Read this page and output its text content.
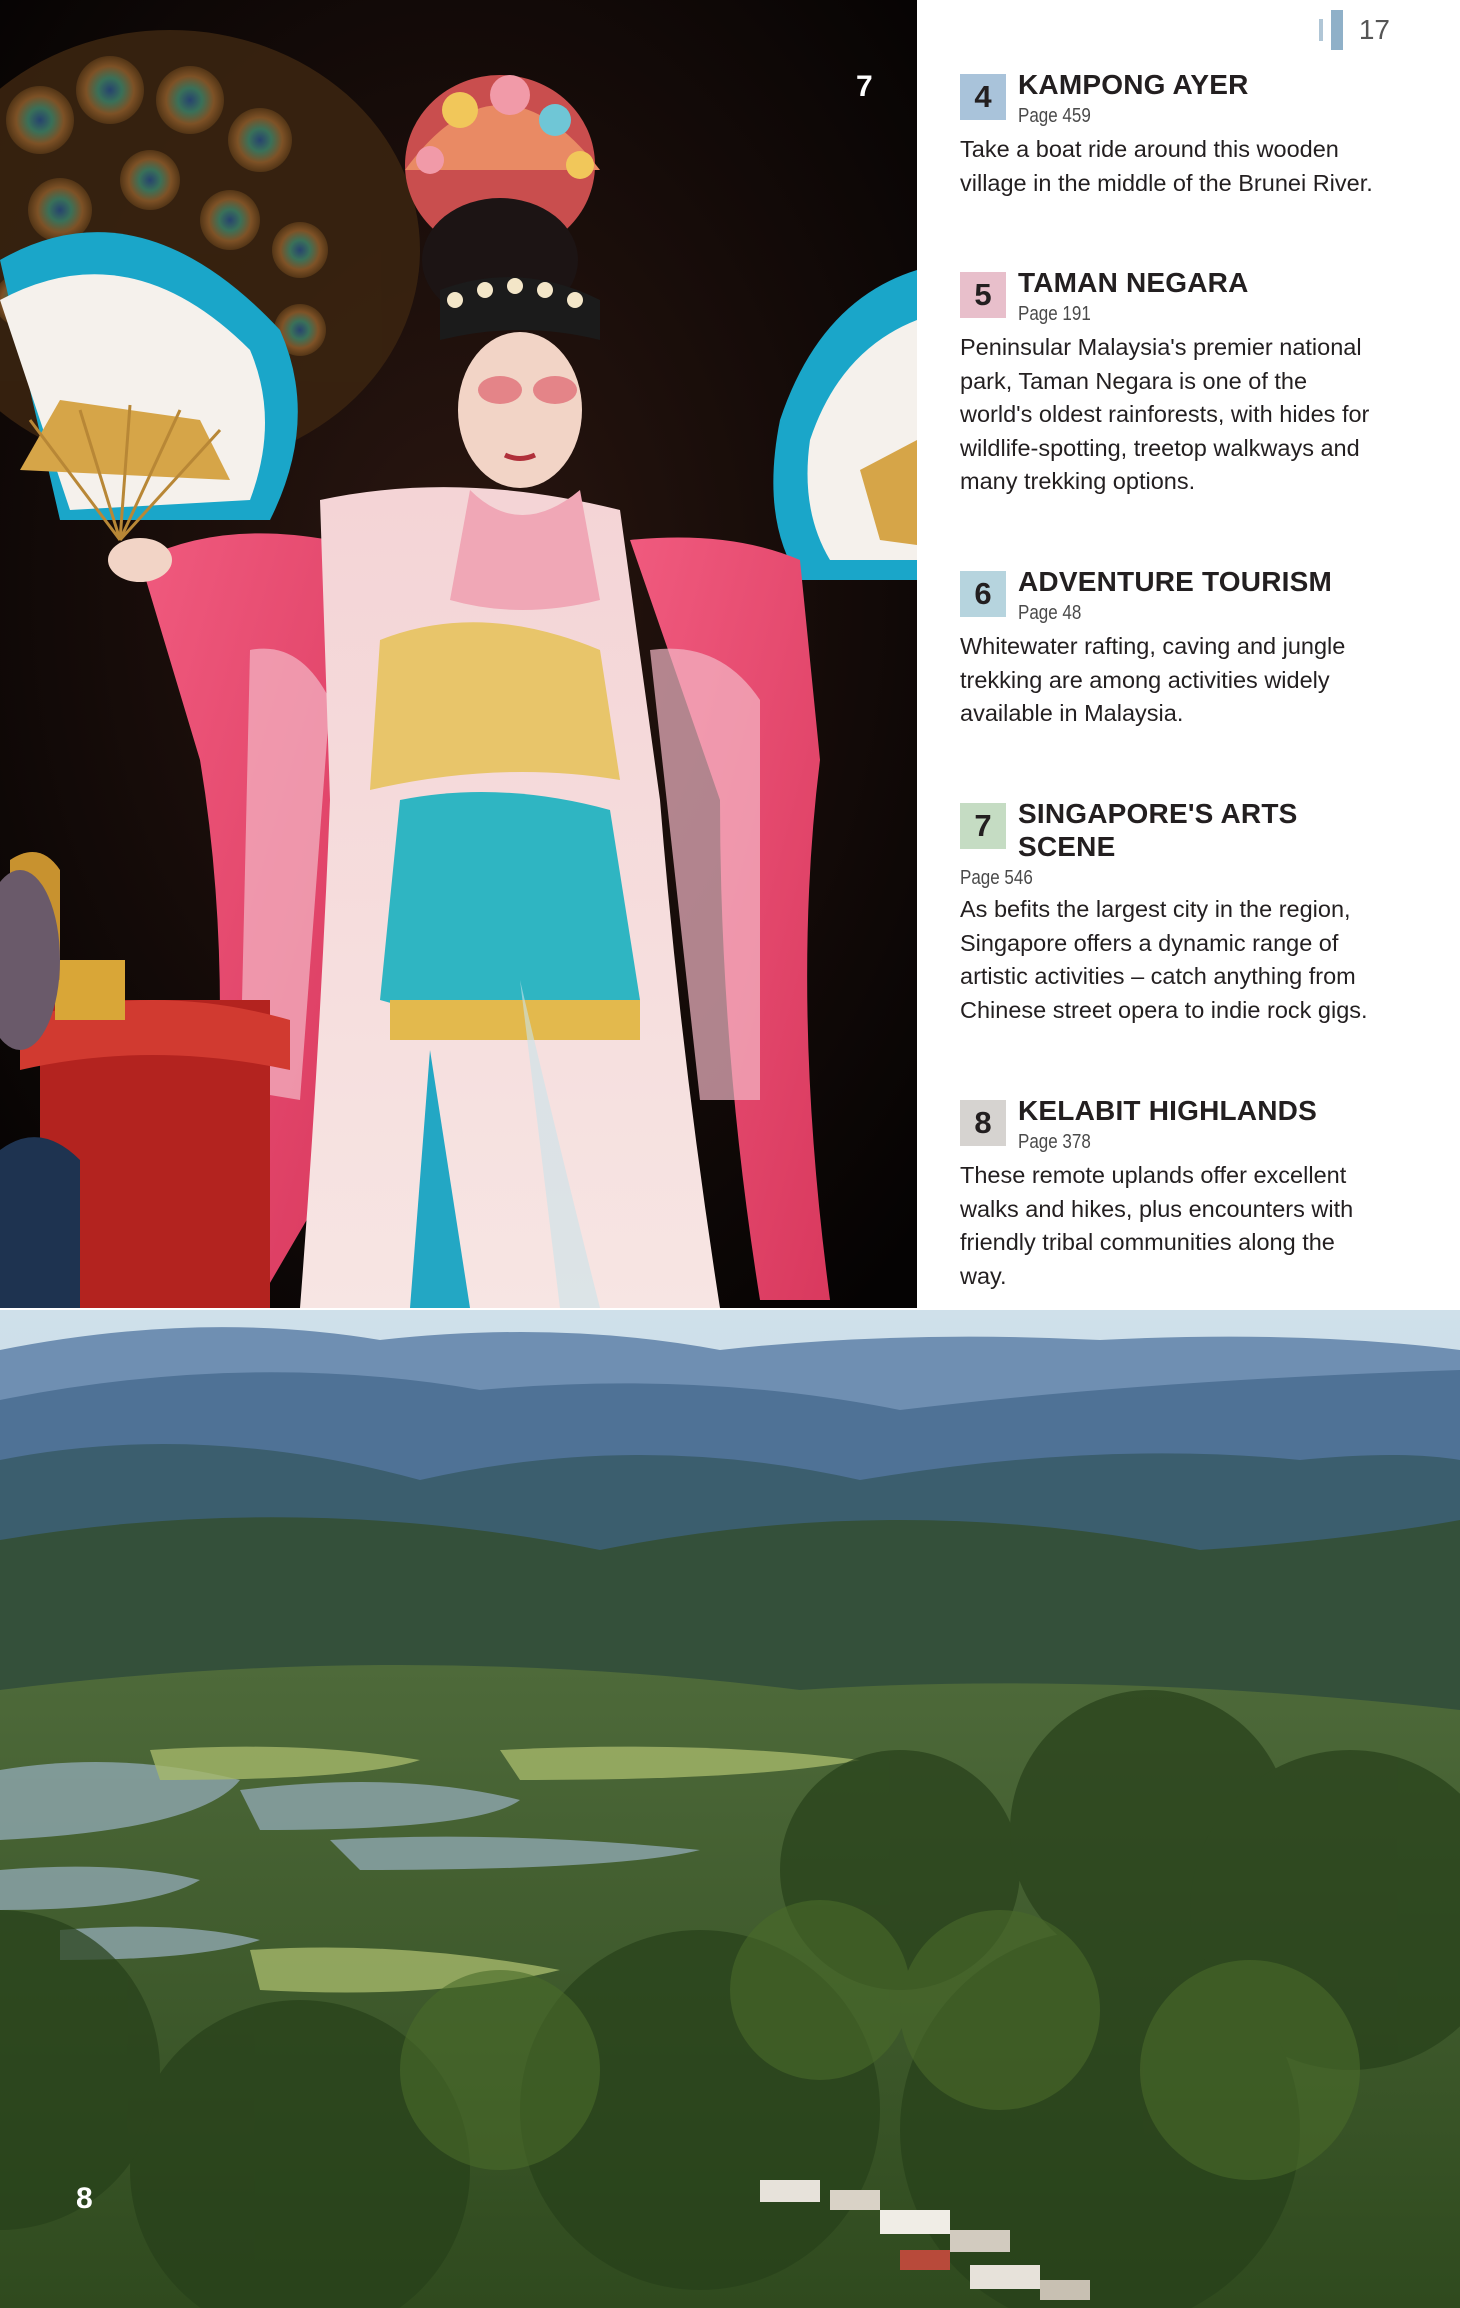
7
17
4 KAMPONG AYER
Page 459
Take a boat ride around this wooden village in the middle of the Brunei River.
5 TAMAN NEGARA
Page 191
Peninsular Malaysia's premier national park, Taman Negara is one of the world's oldest rainforests, with hides for wildlife-spotting, treetop walkways and many trekking options.
6 ADVENTURE TOURISM
Page 48
Whitewater rafting, caving and jungle trekking are among activities widely available in Malaysia.
7 SINGAPORE'S ARTS SCENE
Page 546
As befits the largest city in the region, Singapore offers a dynamic range of artistic activities – catch anything from Chinese street opera to indie rock gigs.
8 KELABIT HIGHLANDS
Page 378
These remote uplands offer excellent walks and hikes, plus encounters with friendly tribal communities along the way.
8
